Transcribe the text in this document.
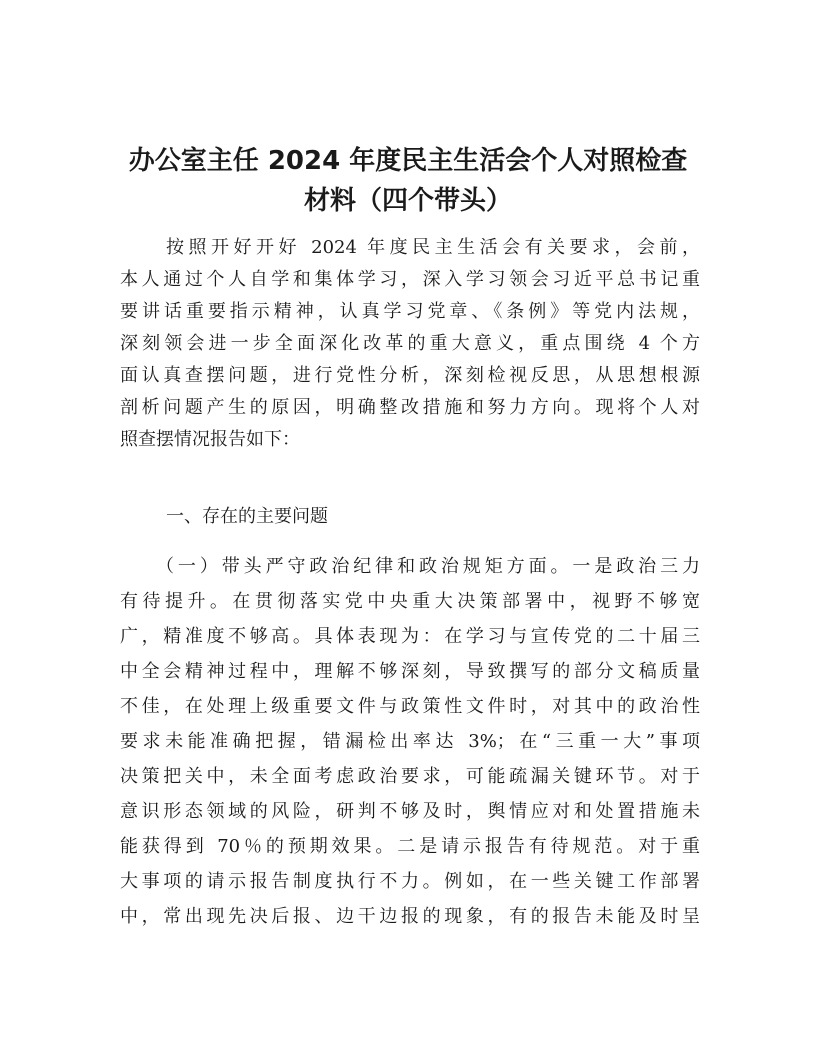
办公室主任 2024 年度民主生活会个人对照检查
材料（四个带头）
按照开好开好 2024 年度民主生活会有关要求，会前，
本人通过个人自学和集体学习，深入学习领会习近平总书记重
要讲话重要指示精神，认真学习党章、《条例》等党内法规，
深刻领会进一步全面深化改革的重大意义，重点围绕 4 个方
面认真查摆问题，进行党性分析，深刻检视反思，从思想根源
剖析问题产生的原因，明确整改措施和努力方向。现将个人对
照查摆情况报告如下：
一、存在的主要问题
（一）带头严守政治纪律和政治规矩方面。一是政治三力
有待提升。在贯彻落实党中央重大决策部署中，视野不够宽
广，精准度不够高。具体表现为：在学习与宣传党的二十届三
中全会精神过程中，理解不够深刻，导致撰写的部分文稿质量
不佳，在处理上级重要文件与政策性文件时，对其中的政治性
要求未能准确把握，错漏检出率达 3%；在“三重一大”事项
决策把关中，未全面考虑政治要求，可能疏漏关键环节。对于
意识形态领域的风险，研判不够及时，舆情应对和处置措施未
能获得到 70％的预期效果。二是请示报告有待规范。对于重
大事项的请示报告制度执行不力。例如，在一些关键工作部署
中，常出现先决后报、边干边报的现象，有的报告未能及时呈
